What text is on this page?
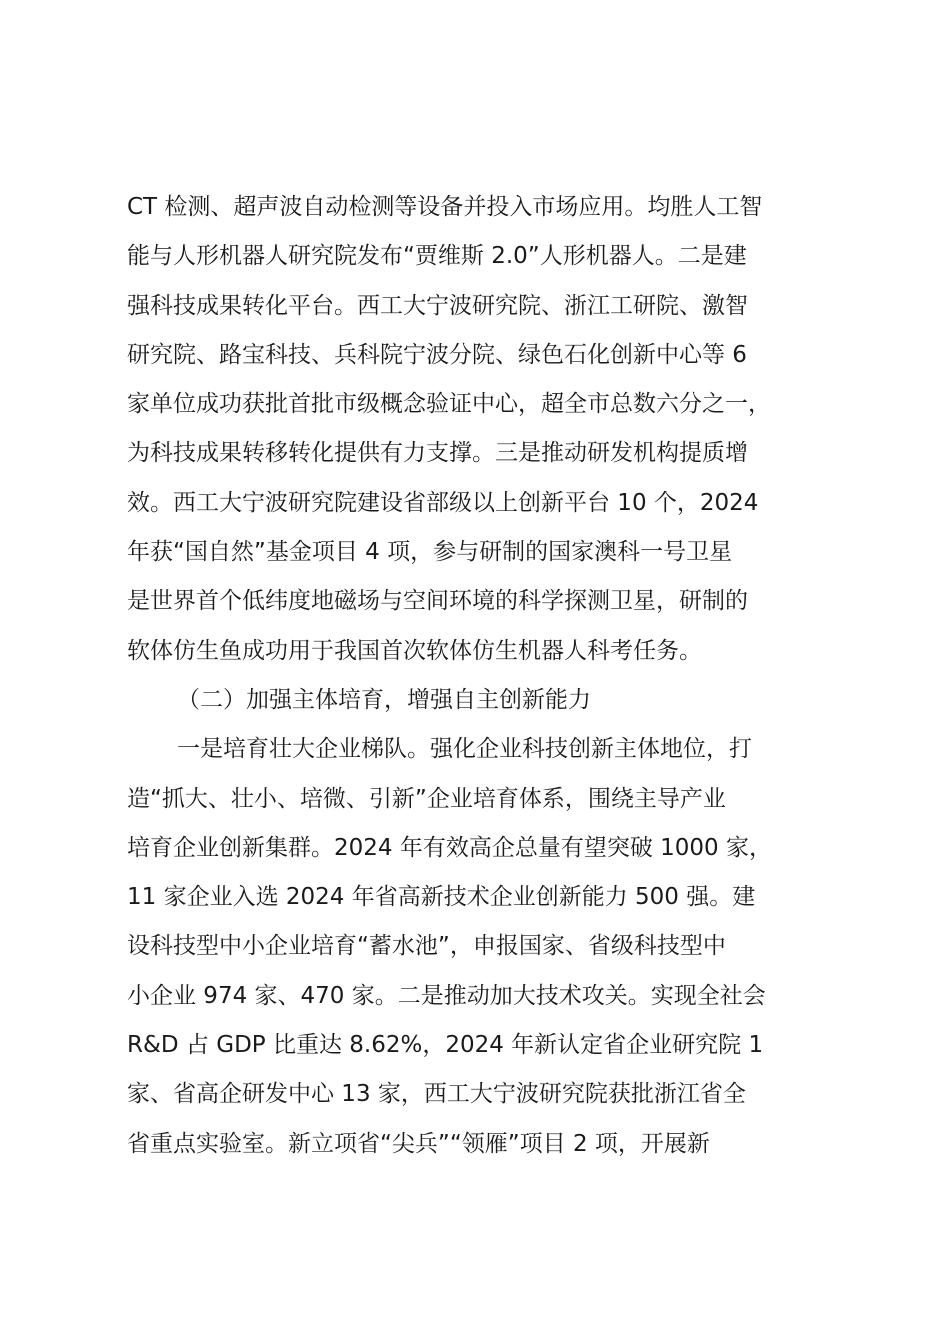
CT 检测、超声波自动检测等设备并投入市场应用。均胜人工智
能与人形机器人研究院发布“贾维斯 2.0”人形机器人。二是建
强科技成果转化平台。西工大宁波研究院、浙江工研院、激智
研究院、路宝科技、兵科院宁波分院、绿色石化创新中心等 6
家单位成功获批首批市级概念验证中心，超全市总数六分之一，
为科技成果转移转化提供有力支撑。三是推动研发机构提质增
效。西工大宁波研究院建设省部级以上创新平台 10 个，2024
年获“国自然”基金项目 4 项，参与研制的国家澳科一号卫星
是世界首个低纬度地磁场与空间环境的科学探测卫星，研制的
软体仿生鱼成功用于我国首次软体仿生机器人科考任务。
（二）加强主体培育，增强自主创新能力
一是培育壮大企业梯队。强化企业科技创新主体地位，打
造“抓大、壮小、培微、引新”企业培育体系，围绕主导产业
培育企业创新集群。2024 年有效高企总量有望突破 1000 家，
11 家企业入选 2024 年省高新技术企业创新能力 500 强。建
设科技型中小企业培育“蓄水池”，申报国家、省级科技型中
小企业 974 家、470 家。二是推动加大技术攻关。实现全社会
R&D 占 GDP 比重达 8.62%，2024 年新认定省企业研究院 1
家、省高企研发中心 13 家，西工大宁波研究院获批浙江省全
省重点实验室。新立项省“尖兵”“领雁”项目 2 项，开展新
